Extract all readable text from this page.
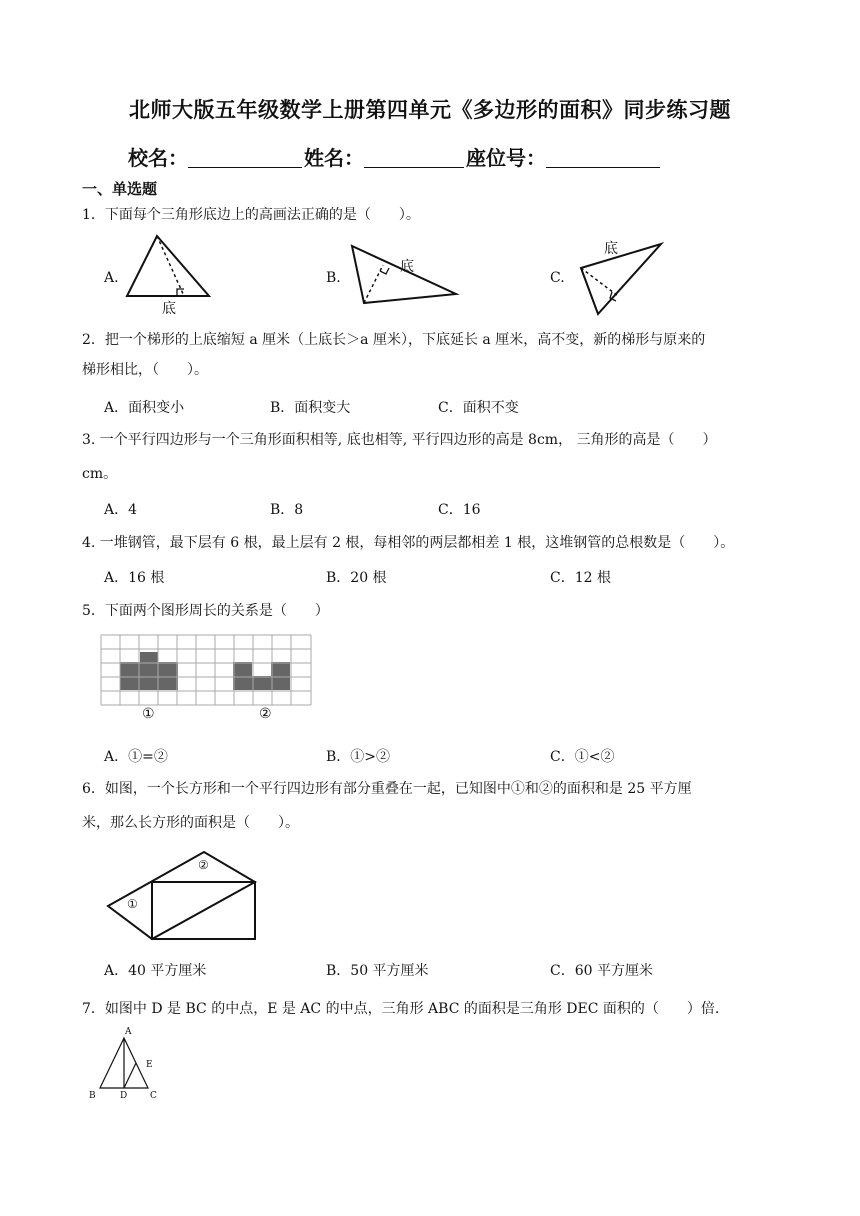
北师大版五年级数学上册第四单元《多边形的面积》同步练习题
校名：	姓名：	座位号：
一、单选题
1．下面每个三角形底边上的高画法正确的是（　　）。
A.	B.	C.
底
底
底
2．把一个梯形的上底缩短 a 厘米（上底长＞a 厘米），下底延长 a 厘米，高不变，新的梯形与原来的
梯形相比，（　　）。
A．面积变小	B．面积变大	C．面积不变
3. 一个平行四边形与一个三角形面积相等, 底也相等, 平行四边形的高是 8cm， 三角形的高是（　　）
cm。
A．4	B．8	C．16
4. 一堆钢管，最下层有 6 根，最上层有 2 根，每相邻的两层都相差 1 根，这堆钢管的总根数是（　　）。
A．16 根	B．20 根	C．12 根
5．下面两个图形周长的关系是（　　）
①	②
A．①=②	B．①>②	C．①<②
6．如图，一个长方形和一个平行四边形有部分重叠在一起，已知图中①和②的面积和是 25 平方厘
米，那么长方形的面积是（　　）。
①
②
A．40 平方厘米	B．50 平方厘米	C．60 平方厘米
7．如图中 D 是 BC 的中点，E 是 AC 的中点，三角形 ABC 的面积是三角形 DEC 面积的（　　）倍.
A
B	D	C
E
